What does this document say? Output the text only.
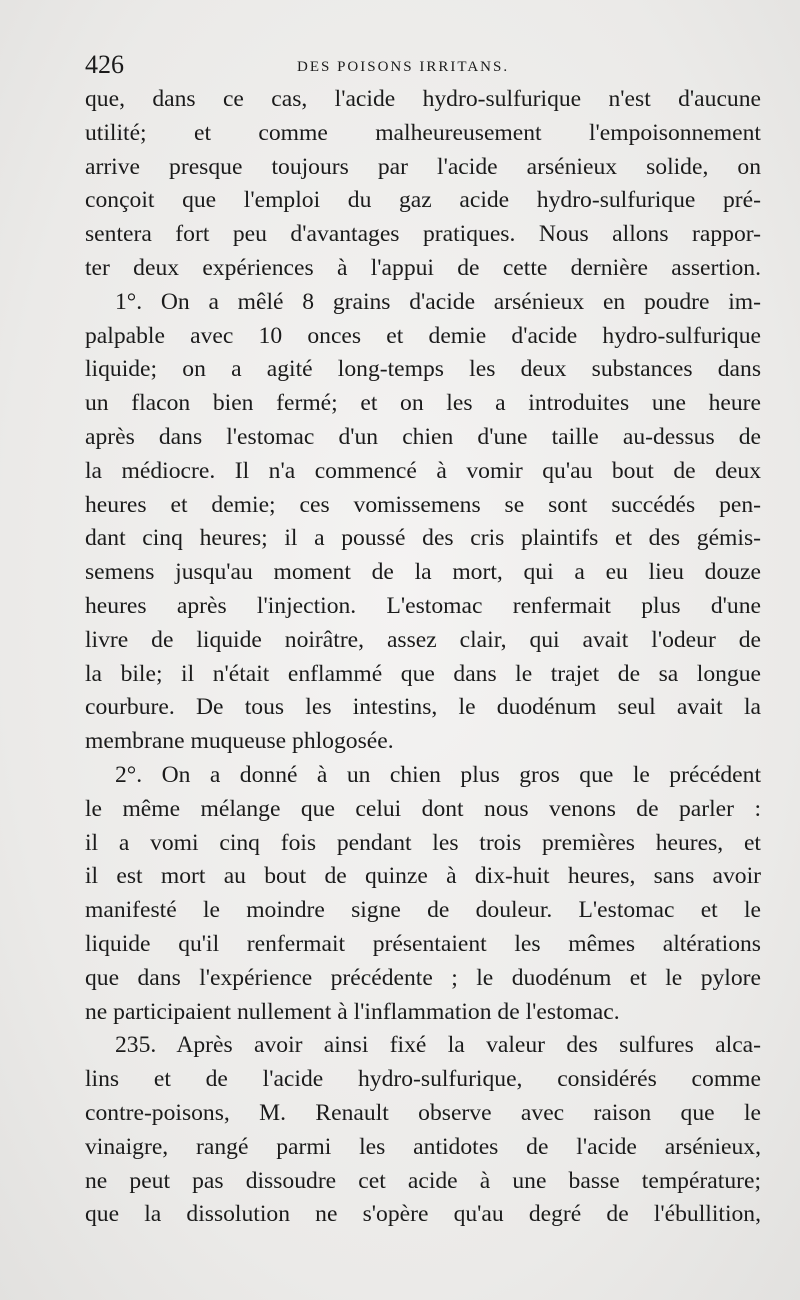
426	DES POISONS IRRITANS.
que, dans ce cas, l'acide hydro-sulfurique n'est d'aucune
utilité; et comme malheureusement l'empoisonnement
arrive presque toujours par l'acide arsénieux solide, on
conçoit que l'emploi du gaz acide hydro-sulfurique pré-
sentera fort peu d'avantages pratiques. Nous allons rappor-
ter deux expériences à l'appui de cette dernière assertion.
1°. On a mêlé 8 grains d'acide arsénieux en poudre im-
palpable avec 10 onces et demie d'acide hydro-sulfurique
liquide; on a agité long-temps les deux substances dans
un flacon bien fermé; et on les a introduites une heure
après dans l'estomac d'un chien d'une taille au-dessus de
la médiocre. Il n'a commencé à vomir qu'au bout de deux
heures et demie; ces vomissemens se sont succédés pen-
dant cinq heures; il a poussé des cris plaintifs et des gémis-
semens jusqu'au moment de la mort, qui a eu lieu douze
heures après l'injection. L'estomac renfermait plus d'une
livre de liquide noirâtre, assez clair, qui avait l'odeur de
la bile; il n'était enflammé que dans le trajet de sa longue
courbure. De tous les intestins, le duodénum seul avait la
membrane muqueuse phlogosée.
2°. On a donné à un chien plus gros que le précédent
le même mélange que celui dont nous venons de parler :
il a vomi cinq fois pendant les trois premières heures, et
il est mort au bout de quinze à dix-huit heures, sans avoir
manifesté le moindre signe de douleur. L'estomac et le
liquide qu'il renfermait présentaient les mêmes altérations
que dans l'expérience précédente ; le duodénum et le pylore
ne participaient nullement à l'inflammation de l'estomac.
235. Après avoir ainsi fixé la valeur des sulfures alca-
lins et de l'acide hydro-sulfurique, considérés comme
contre-poisons, M. Renault observe avec raison que le
vinaigre, rangé parmi les antidotes de l'acide arsénieux,
ne peut pas dissoudre cet acide à une basse température;
que la dissolution ne s'opère qu'au degré de l'ébullition,
